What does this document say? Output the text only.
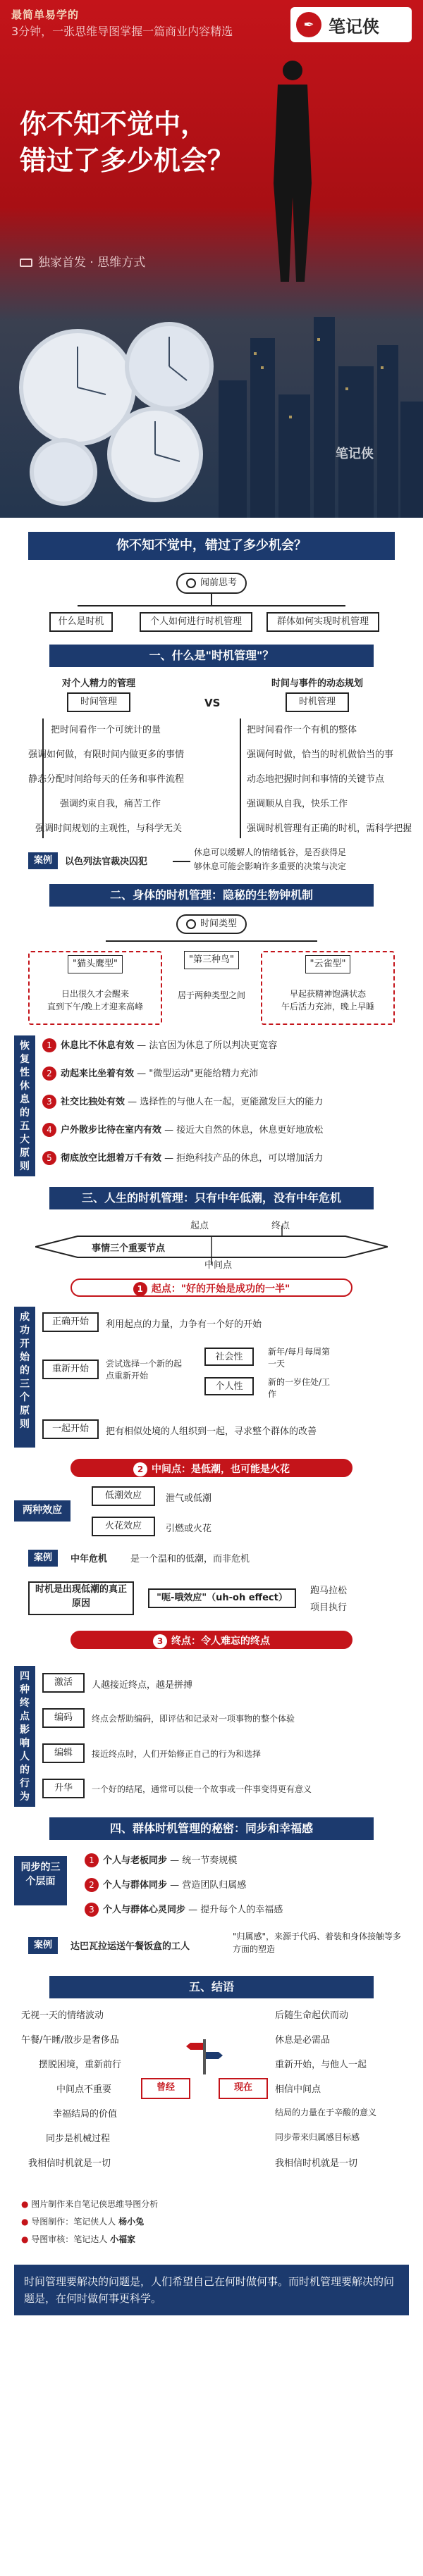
最简单易学的
3分钟，一张思维导图掌握一篇商业内容精选	✒ 笔记侠
你不知不觉中，
错过了多少机会？
独家首发 · 思维方式
笔记侠
你不知不觉中，错过了多少机会？
闻前思考
什么是时机	个人如何进行时机管理	群体如何实现时机管理
一、什么是"时机管理"？
对个人精力的管理	时间与事件的动态规划
时间管理	VS	时机管理
把时间看作一个可统计的量
强调如何做，有限时间内做更多的事情
静态分配时间给每天的任务和事件流程
强调约束自我，痛苦工作
强调时间规划的主观性，与科学无关
把时间看作一个有机的整体
强调何时做，恰当的时机做恰当的事
动态地把握时间和事情的关键节点
强调顺从自我，快乐工作
强调时机管理有正确的时机，需科学把握
案例	以色列法官裁决囚犯
休息可以缓解人的情绪低谷，是否获得足
够休息可能会影响许多重要的决策与决定
二、身体的时机管理：隐秘的生物钟机制
时间类型
"猫头鹰型"
日出很久才会醒来
直到下午/晚上才迎来高峰
"第三种鸟"
居于两种类型之间
"云雀型"
早起获精神饱满状态
午后活力充沛，晚上早睡
恢复性休息的五大原则
1 休息比不休息有效 — 法官因为休息了所以判决更宽容
2 动起来比坐着有效 — "微型运动"更能给精力充沛
3 社交比独处有效 — 选择性的与他人在一起，更能激发巨大的能力
4 户外散步比待在室内有效 — 接近大自然的休息，休息更好地放松
5 彻底放空比想着万千有效 — 拒绝科技产品的休息，可以增加活力
三、人生的时机管理：只有中年低潮，没有中年危机
起点	终点
中间点
事情三个重要节点
1 起点："好的开始是成功的一半"
成功开始的三个原则
正确开始	利用起点的力量，力争有一个好的开始
重新开始	尝试选择一个新的起点重新开始
社会性
个人性
新年/每月每周第一天
新的一岁住处/工作
一起开始	把有相似处境的人组织到一起，寻求整个群体的改善
2 中间点：是低潮，也可能是火花
两种效应
低潮效应	泄气或低潮
火花效应	引燃或火花
案例	中年危机	是一个温和的低潮，而非危机
时机是出现低潮的真正原因
"呃-哦效应"（uh-oh effect）
跑马拉松
项目执行
3 终点：令人难忘的终点
四种终点影响人的行为
激活	人越接近终点，越是拼搏
编码	终点会帮助编码，即评估和记录对一项事物的整个体验
编辑	接近终点时，人们开始修正自己的行为和选择
升华	一个好的结尾，通常可以使一个故事或一件事变得更有意义
四、群体时机管理的秘密：同步和幸福感
同步的三个层面
1 个人与老板同步 — 统一节奏规模
2 个人与群体同步 — 营造团队归属感
3 个人与群体心灵同步 — 提升每个人的幸福感
案例	达巴瓦拉运送午餐饭盒的工人
"归属感"，来源于代码、着装和身体接触等多方面的塑造
五、结语
曾经	现在
无视一天的情绪波动
午餐/午睡/散步是奢侈品
摆脱困境，重新前行
中间点不重要
幸福结局的价值
同步是机械过程
我相信时机就是一切
后随生命起伏而动
休息是必需品
重新开始，与他人一起
相信中间点
结局的力量在于辛酸的意义
同步带来归属感目标感
我相信时机就是一切
● 图片制作来自笔记侠思维导图分析
● 导图制作：笔记侠人人 杨小兔
● 导图审核：笔记达人 小福家
时间管理要解决的问题是，人们希望自己在何时做何事。而时机管理要解决的问题是，在何时做何事更科学。
